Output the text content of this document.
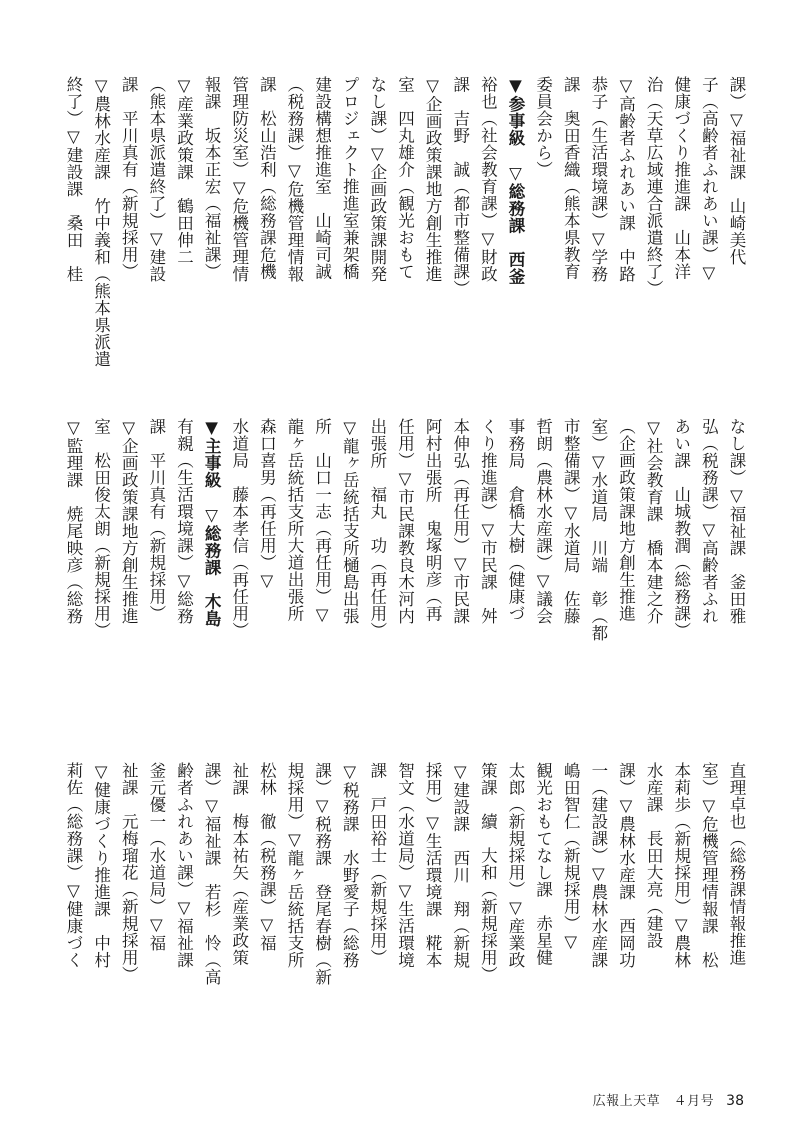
課）▽福祉課　山崎美代
子（高齢者ふれあい課）▽
健康づくり推進課　山本洋
治（天草広域連合派遣終了）
▽高齢者ふれあい課　中路
恭子（生活環境課）▽学務
課　奥田香織（熊本県教育
委員会から）
▼参事級　▽総務課　西釜
裕也（社会教育課）▽財政
課　吉野　誠（都市整備課）
▽企画政策課地方創生推進
室　四丸雄介（観光おもて
なし課）▽企画政策課開発
プロジェクト推進室兼架橋
建設構想推進室　山崎司誠
（税務課）▽危機管理情報
課　松山浩利（総務課危機
管理防災室）▽危機管理情
報課　坂本正宏（福祉課）
▽産業政策課　鶴田伸二
（熊本県派遣終了）▽建設
課　平川真有（新規採用）
▽農林水産課　竹中義和（熊本県派遣
終了）▽建設課　桑田　桂
なし課）▽福祉課　釜田雅
弘（税務課）▽高齢者ふれ
あい課　山城教潤（総務課）
▽社会教育課　橋本建之介
（企画政策課地方創生推進
室）▽水道局　川端　彰（都
市整備課）▽水道局　佐藤
哲朗（農林水産課）▽議会
事務局　倉橋大樹（健康づ
くり推進課）▽市民課　舛
本伸弘（再任用）▽市民課
阿村出張所　鬼塚明彦（再
任用）▽市民課教良木河内
出張所　福丸　功（再任用）
▽龍ヶ岳統括支所樋島出張
所　山口一志（再任用）▽
龍ヶ岳統括支所大道出張所
森口喜男（再任用）▽
水道局　藤本孝信（再任用）
▼主事級　▽総務課　木島
有親（生活環境課）▽総務
課　平川真有（新規採用）
▽企画政策課地方創生推進
室　松田俊太朗（新規採用）
▽監理課　焼尾映彦（総務
直理卓也（総務課情報推進
室）▽危機管理情報課　松
本莉歩（新規採用）▽農林
水産課　長田大亮（建設
課）▽農林水産課　西岡功
一（建設課）▽農林水産課
嶋田智仁（新規採用）▽
観光おもてなし課　赤星健
太郎（新規採用）▽産業政
策課　續　大和（新規採用）
▽建設課　西川　翔（新規
採用）▽生活環境課　糀本
智文（水道局）▽生活環境
課　戸田裕士（新規採用）
▽税務課　水野愛子（総務
課）▽税務課　登尾春樹（新
規採用）▽龍ヶ岳統括支所
松林　徹（税務課）▽福
祉課　梅本祐矢（産業政策
課）▽福祉課　若杉　怜（高
齢者ふれあい課）▽福祉課
釜元優一（水道局）▽福
祉課　元梅瑠花（新規採用）
▽健康づくり推進課　中村
莉佐（総務課）▽健康づく
広報上天草　４月号 38
